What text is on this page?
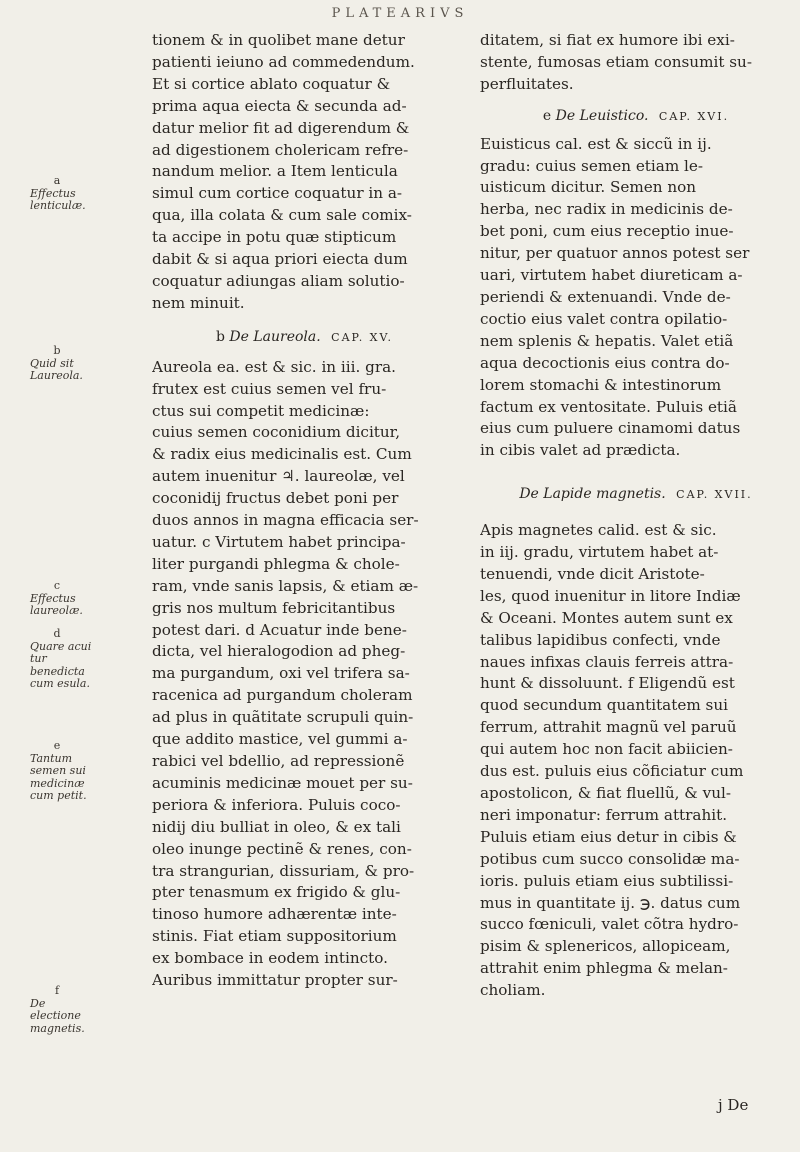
PLATEARIVS
tionem & in quolibet mane detur
patienti ieiuno ad commedendum.
Et si cortice ablato coquatur &
prima aqua eiecta & secunda ad-
datur melior fit ad digerendum &
ad digestionem cholericam refre-
nandum melior. a Item lenticula
simul cum cortice coquatur in a-
qua, illa colata & cum sale comix-
ta accipe in potu quæ stipticum
dabit & si aqua priori eiecta dum
coquatur adiungas aliam solutio-
nem minuit.
b De Laureola. CAP. XV.
Aureola ea. est & sic. in iii. gra.
frutex est cuius semen vel fru-
ctus sui competit medicinæ:
cuius semen coconidium dicitur,
& radix eius medicinalis est. Cum
autem inuenitur ♃. laureolæ, vel
coconidij fructus debet poni per
duos annos in magna efficacia ser-
uatur. c Virtutem habet principa-
liter purgandi phlegma & chole-
ram, vnde sanis lapsis, & etiam æ-
gris nos multum febricitantibus
potest dari. d Acuatur inde bene-
dicta, vel hieralogodion ad pheg-
ma purgandum, oxi vel trifera sa-
racenica ad purgandum choleram
ad plus in quãtitate scrupuli quin-
que addito mastice, vel gummi a-
rabici vel bdellio, ad repressionẽ
acuminis medicinæ mouet per su-
periora & inferiora. Puluis coco-
nidij diu bulliat in oleo, & ex tali
oleo inunge pectinẽ & renes, con-
tra strangurian, dissuriam, & pro-
pter tenasmum ex frigido & glu-
tinoso humore adhærentæ inte-
stinis. Fiat etiam suppositorium
ex bombace in eodem intincto.
Auribus immittatur propter sur-
ditatem, si fiat ex humore ibi exi-
stente, fumosas etiam consumit su-
perfluitates.
e De Leuistico. CAP. XVI.
Euisticus cal. est & siccũ in ij.
gradu: cuius semen etiam le-
uisticum dicitur. Semen non
herba, nec radix in medicinis de-
bet poni, cum eius receptio inue-
nitur, per quatuor annos potest ser
uari, virtutem habet diureticam a-
periendi & extenuandi. Vnde de-
coctio eius valet contra opilatio-
nem splenis & hepatis. Valet etiã
aqua decoctionis eius contra do-
lorem stomachi & intestinorum
factum ex ventositate. Puluis etiã
eius cum puluere cinamomi datus
in cibis valet ad prædicta.
De Lapide magnetis. CAP. XVII.
Apis magnetes calid. est & sic.
in iij. gradu, virtutem habet at-
tenuendi, vnde dicit Aristote-
les, quod inuenitur in litore Indiæ
& Oceani. Montes autem sunt ex
talibus lapidibus confecti, vnde
naues infixas clauis ferreis attra-
hunt & dissoluunt. f Eligendũ est
quod secundum quantitatem sui
ferrum, attrahit magnũ vel paruũ
qui autem hoc non facit abiicien-
dus est. puluis eius cõficiatur cum
apostolicon, & fiat fluellũ, & vul-
neri imponatur: ferrum attrahit.
Puluis etiam eius detur in cibis &
potibus cum succo consolidæ ma-
ioris. puluis etiam eius subtilissi-
mus in quantitate ij. ℈. datus cum
succo fœniculi, valet cõtra hydro-
pisim & splenericos, allopiceam,
attrahit enim phlegma & melan-
choliam.
a
Effectus lenticulæ.
b
Quid sit Laureola.
c
Effectus laureolæ.
d
Quare acui tur benedicta cum esula.
e
Tantum semen sui medicinæ cum petit.
f
De electione magnetis.
j De
